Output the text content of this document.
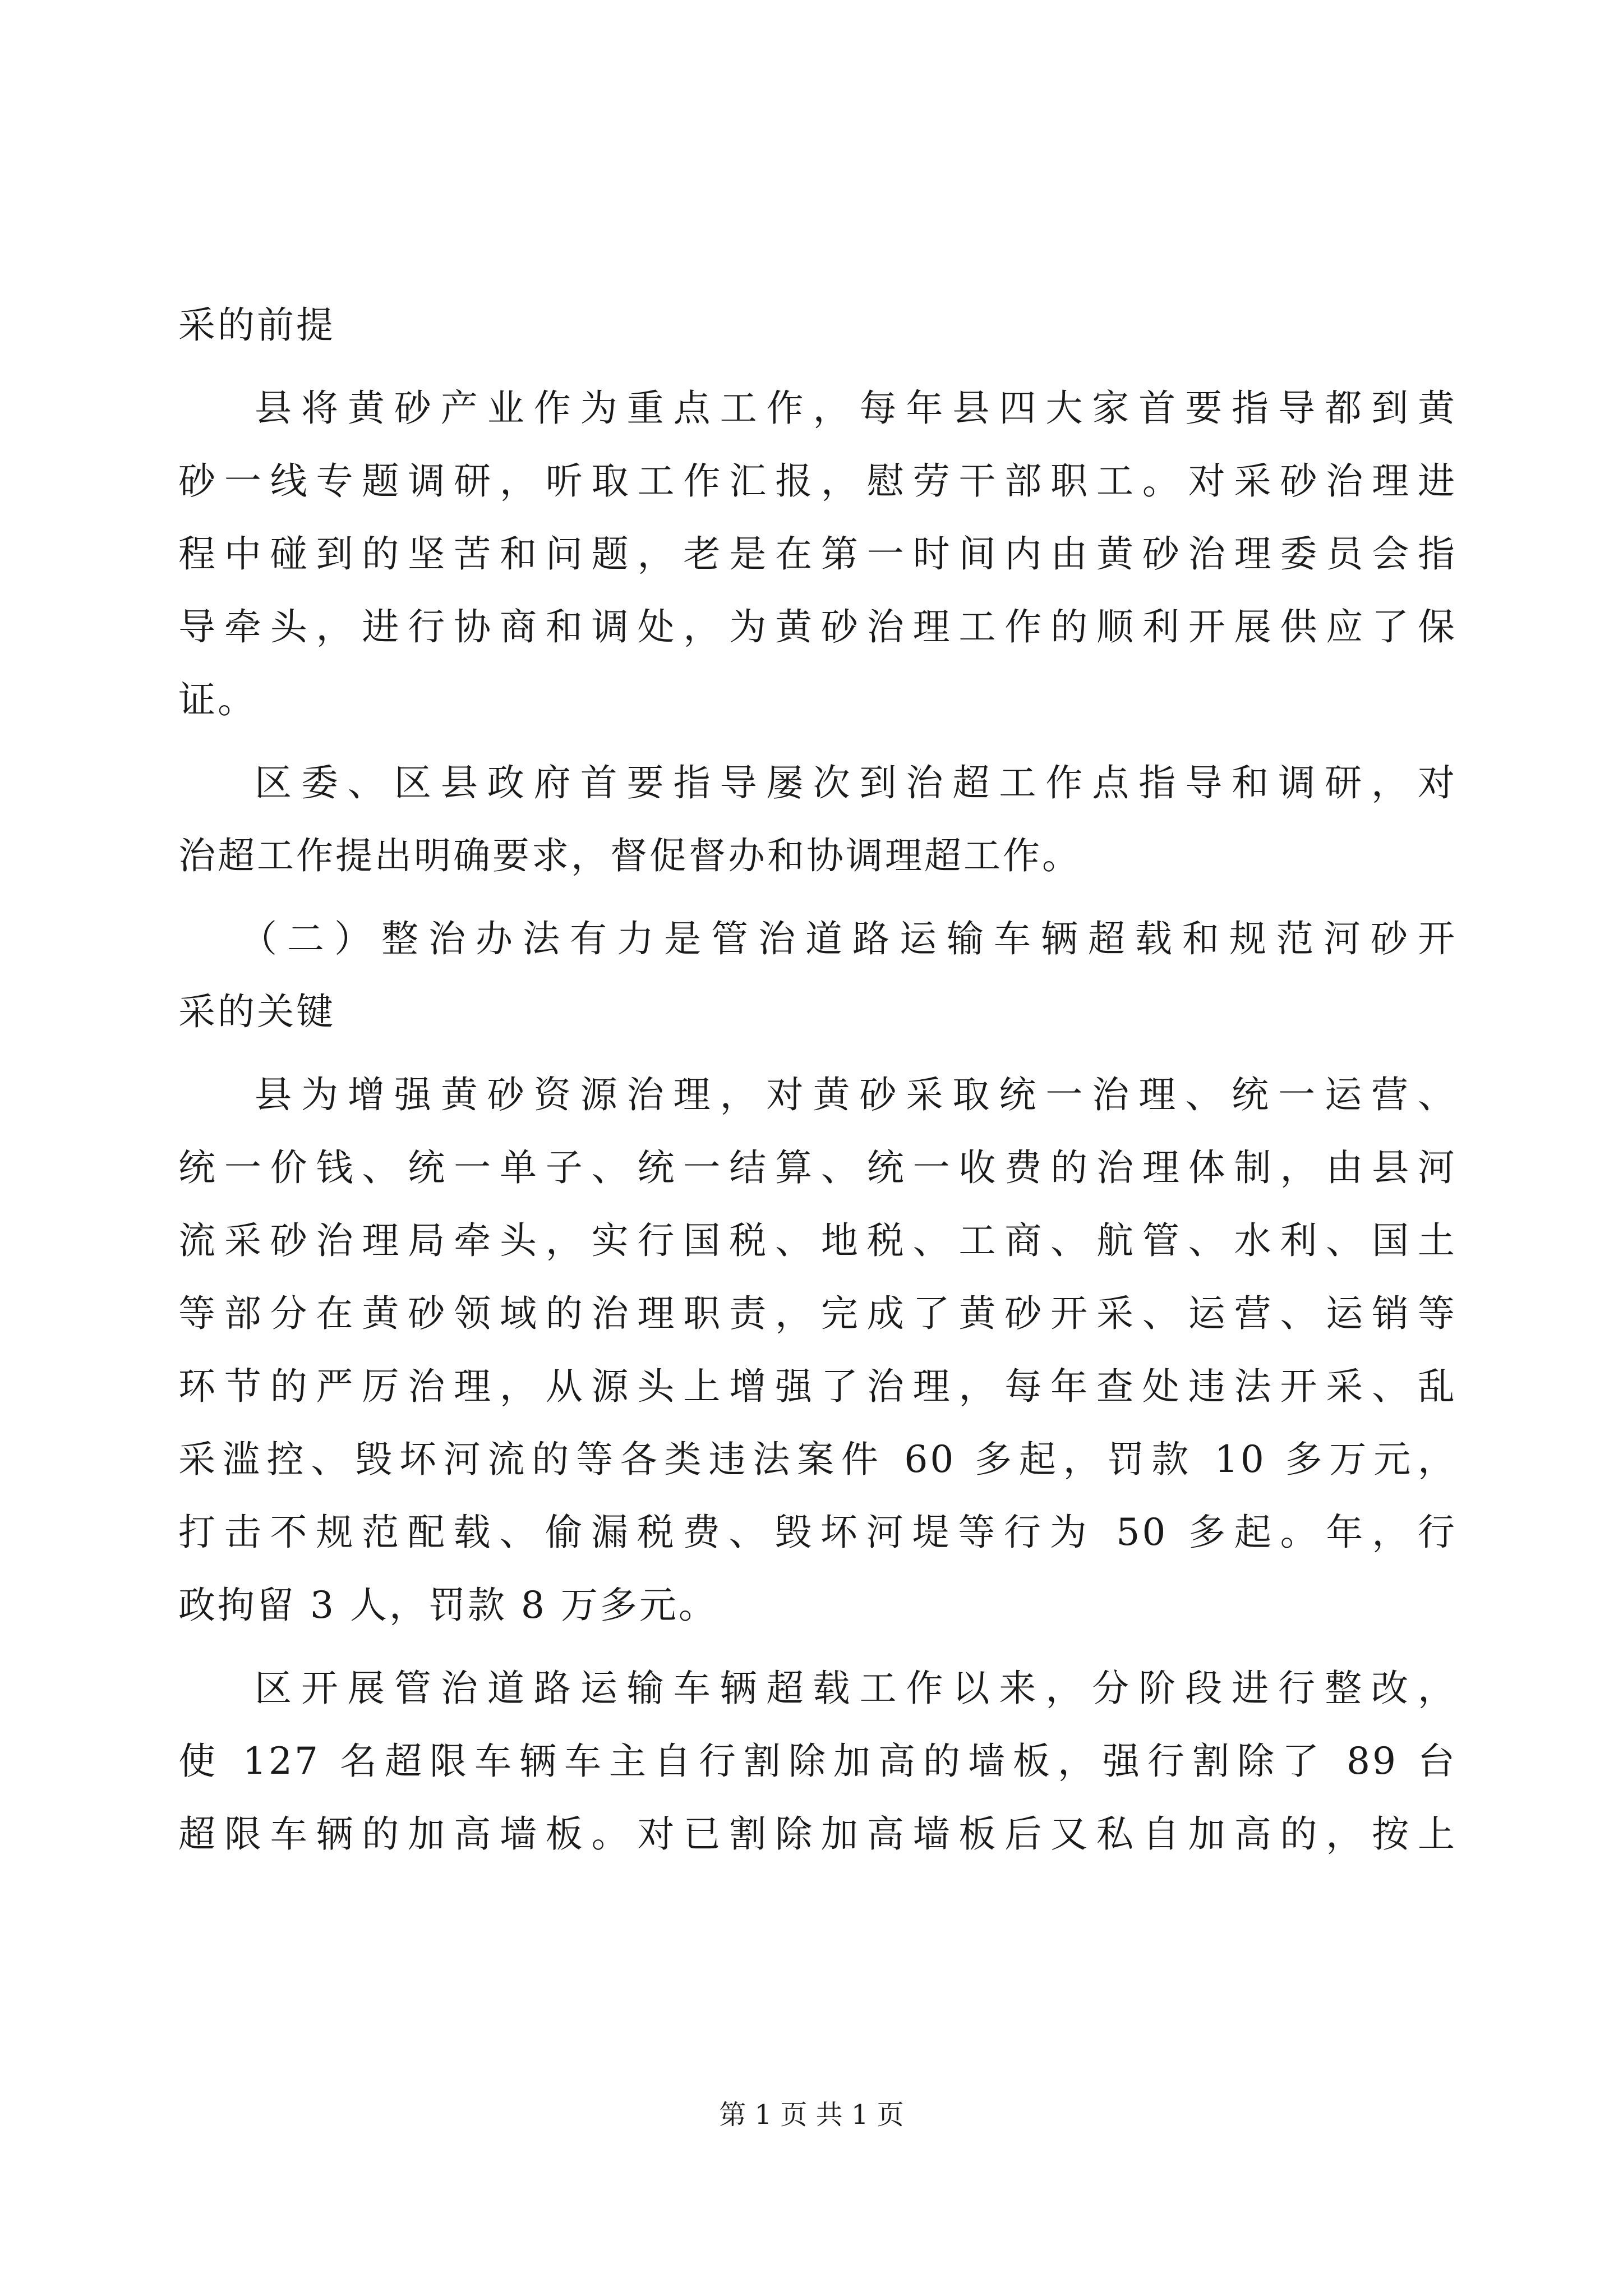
采的前提
县将黄砂产业作为重点工作，每年县四大家首要指导都到黄
砂一线专题调研，听取工作汇报，慰劳干部职工。对采砂治理进
程中碰到的坚苦和问题，老是在第一时间内由黄砂治理委员会指
导牵头，进行协商和调处，为黄砂治理工作的顺利开展供应了保
证。
区委、区县政府首要指导屡次到治超工作点指导和调研，对
治超工作提出明确要求，督促督办和协调理超工作。
（二）整治办法有力是管治道路运输车辆超载和规范河砂开
采的关键
县为增强黄砂资源治理，对黄砂采取统一治理、统一运营、
统一价钱、统一单子、统一结算、统一收费的治理体制，由县河
流采砂治理局牵头，实行国税、地税、工商、航管、水利、国土
等部分在黄砂领域的治理职责，完成了黄砂开采、运营、运销等
环节的严厉治理，从源头上增强了治理，每年查处违法开采、乱
采滥控、毁坏河流的等各类违法案件 60 多起，罚款 10 多万元，
打击不规范配载、偷漏税费、毁坏河堤等行为 50 多起。年，行
政拘留 3 人，罚款 8 万多元。
区开展管治道路运输车辆超载工作以来，分阶段进行整改，
使 127 名超限车辆车主自行割除加高的墙板，强行割除了 89 台
超限车辆的加高墙板。对已割除加高墙板后又私自加高的，按上
第 1 页 共 1 页
